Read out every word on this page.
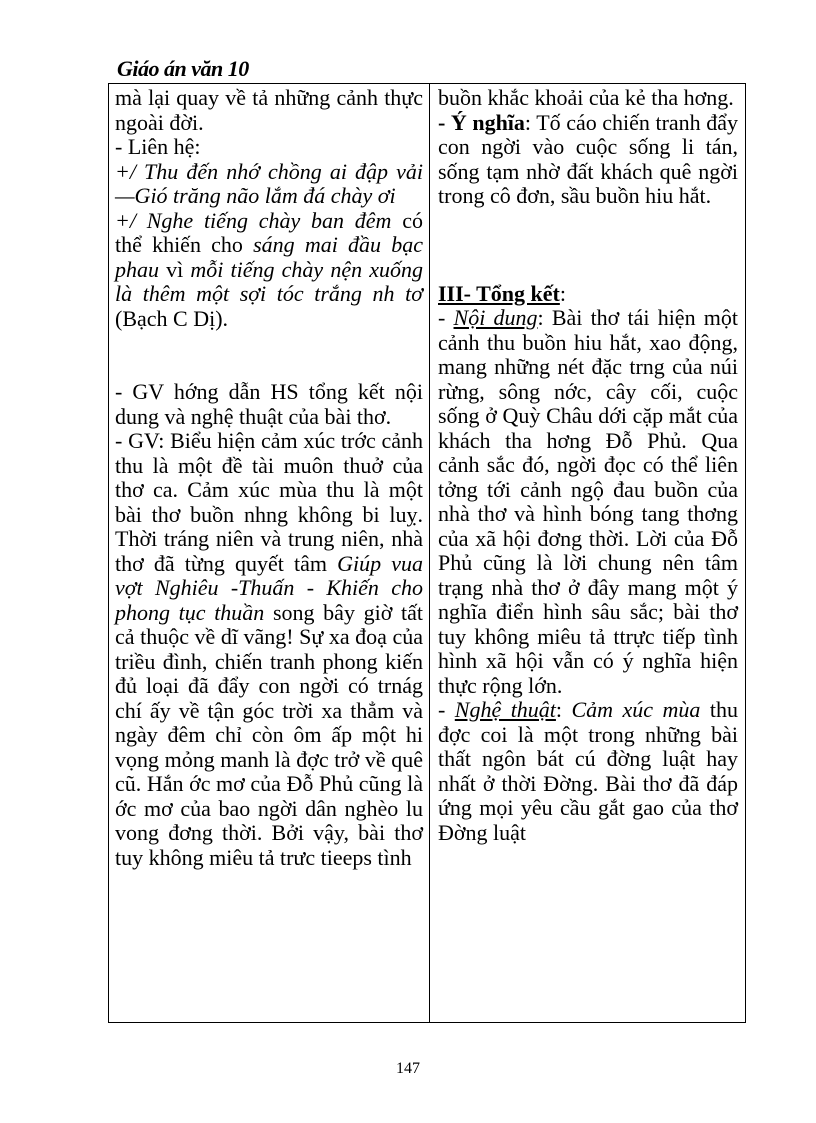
Giáo án văn 10

mà lại quay về tả những cảnh thực ngoài đời.

- Liên hệ:

+/ Thu đến nhớ chồng ai đập vải —Gió trăng não lắm đá chày ơi

+/ Nghe tiếng chày ban đêm có thể khiến cho sáng mai đầu bạc phau vì mỗi tiếng chày nện xuống là thêm một sợi tóc trắng nh tơ (Bạch C Dị).

- GV hớng dẫn HS tổng kết nội dung và nghệ thuật của bài thơ.

- GV: Biểu hiện cảm xúc trớc cảnh thu là một đề tài muôn thuở của thơ ca. Cảm xúc mùa thu là một bài thơ buồn nhng không bi luỵ. Thời tráng niên và trung niên, nhà thơ đã từng quyết tâm Giúp vua vợt Nghiêu -Thuấn - Khiến cho phong tục thuần song bây giờ tất cả thuộc về dĩ vãng! Sự xa đoạ của triều đình, chiến tranh phong kiến đủ loại đã đẩy con ngời có trnág chí ấy về tận góc trời xa thẳm và ngày đêm chỉ còn ôm ấp một hi vọng mỏng manh là đợc trở về quê cũ. Hắn ớc mơ của Đỗ Phủ cũng là ớc mơ của bao ngời dân nghèo lu vong đơng thời. Bởi vậy, bài thơ tuy không miêu tả trưc tieeps tình

buồn khắc khoải của kẻ tha hơng.

- Ý nghĩa: Tố cáo chiến tranh đẩy con ngời vào cuộc sống li tán, sống tạm nhờ đất khách quê ngời trong cô đơn, sầu buồn hiu hắt.

III- Tổng kết:

- Nội dung: Bài thơ tái hiện một cảnh thu buồn hiu hắt, xao động, mang những nét đặc trng của núi rừng, sông nớc, cây cối, cuộc sống ở Quỳ Châu dới cặp mắt của khách tha hơng Đỗ Phủ. Qua cảnh sắc đó, ngời đọc có thể liên tởng tới cảnh ngộ đau buồn của nhà thơ và hình bóng tang thơng của xã hội đơng thời. Lời của Đỗ Phủ cũng là lời chung nên tâm trạng nhà thơ ở đây mang một ý nghĩa điển hình sâu sắc; bài thơ tuy không miêu tả ttrực tiếp tình hình xã hội vẫn có ý nghĩa hiện thực rộng lớn.

- Nghệ thuật: Cảm xúc mùa thu đợc coi là một trong những bài thất ngôn bát cú đờng luật hay nhất ở thời Đờng. Bài thơ đã đáp ứng mọi yêu cầu gắt gao của thơ Đờng luật

147
